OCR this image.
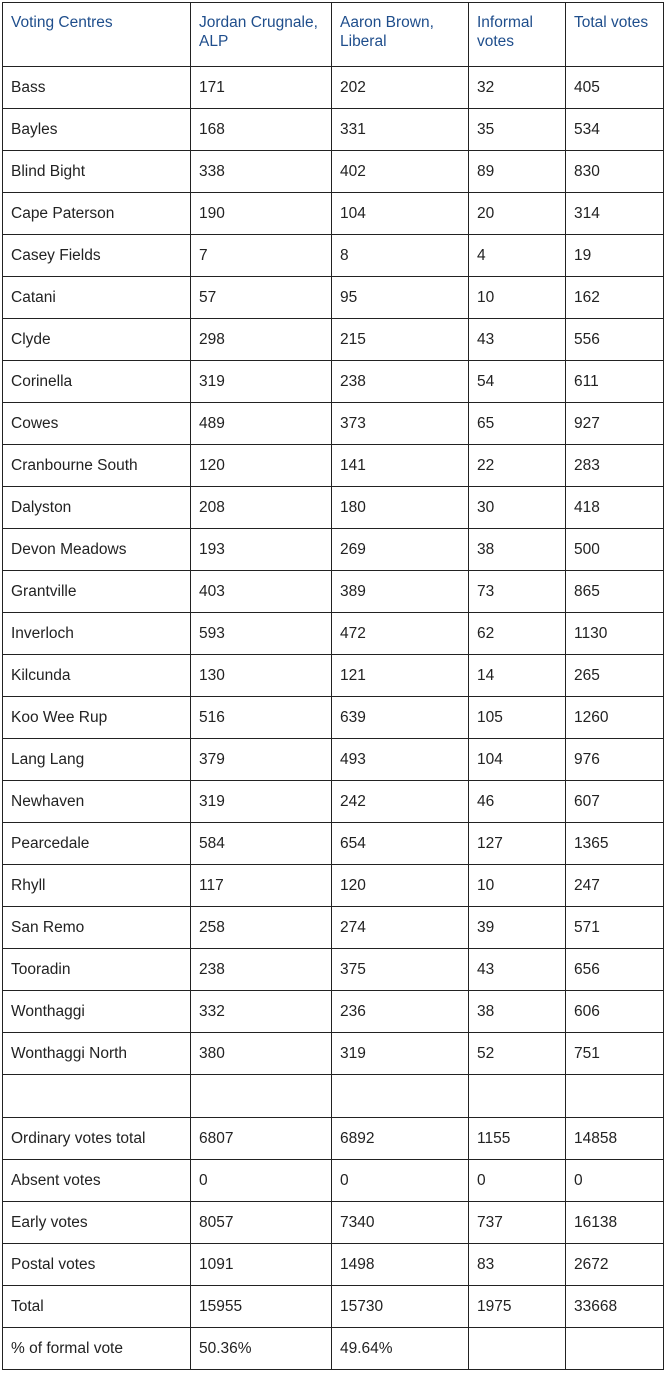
Voting Centres	Jordan Crugnale, ALP	Aaron Brown, Liberal	Informal votes	Total votes
Bass	171	202	32	405
Bayles	168	331	35	534
Blind Bight	338	402	89	830
Cape Paterson	190	104	20	314
Casey Fields	7	8	4	19
Catani	57	95	10	162
Clyde	298	215	43	556
Corinella	319	238	54	611
Cowes	489	373	65	927
Cranbourne South	120	141	22	283
Dalyston	208	180	30	418
Devon Meadows	193	269	38	500
Grantville	403	389	73	865
Inverloch	593	472	62	1130
Kilcunda	130	121	14	265
Koo Wee Rup	516	639	105	1260
Lang Lang	379	493	104	976
Newhaven	319	242	46	607
Pearcedale	584	654	127	1365
Rhyll	117	120	10	247
San Remo	258	274	39	571
Tooradin	238	375	43	656
Wonthaggi	332	236	38	606
Wonthaggi North	380	319	52	751

Ordinary votes total	6807	6892	1155	14858
Absent votes	0	0	0	0
Early votes	8057	7340	737	16138
Postal votes	1091	1498	83	2672
Total	15955	15730	1975	33668
% of formal vote	50.36%	49.64%		
